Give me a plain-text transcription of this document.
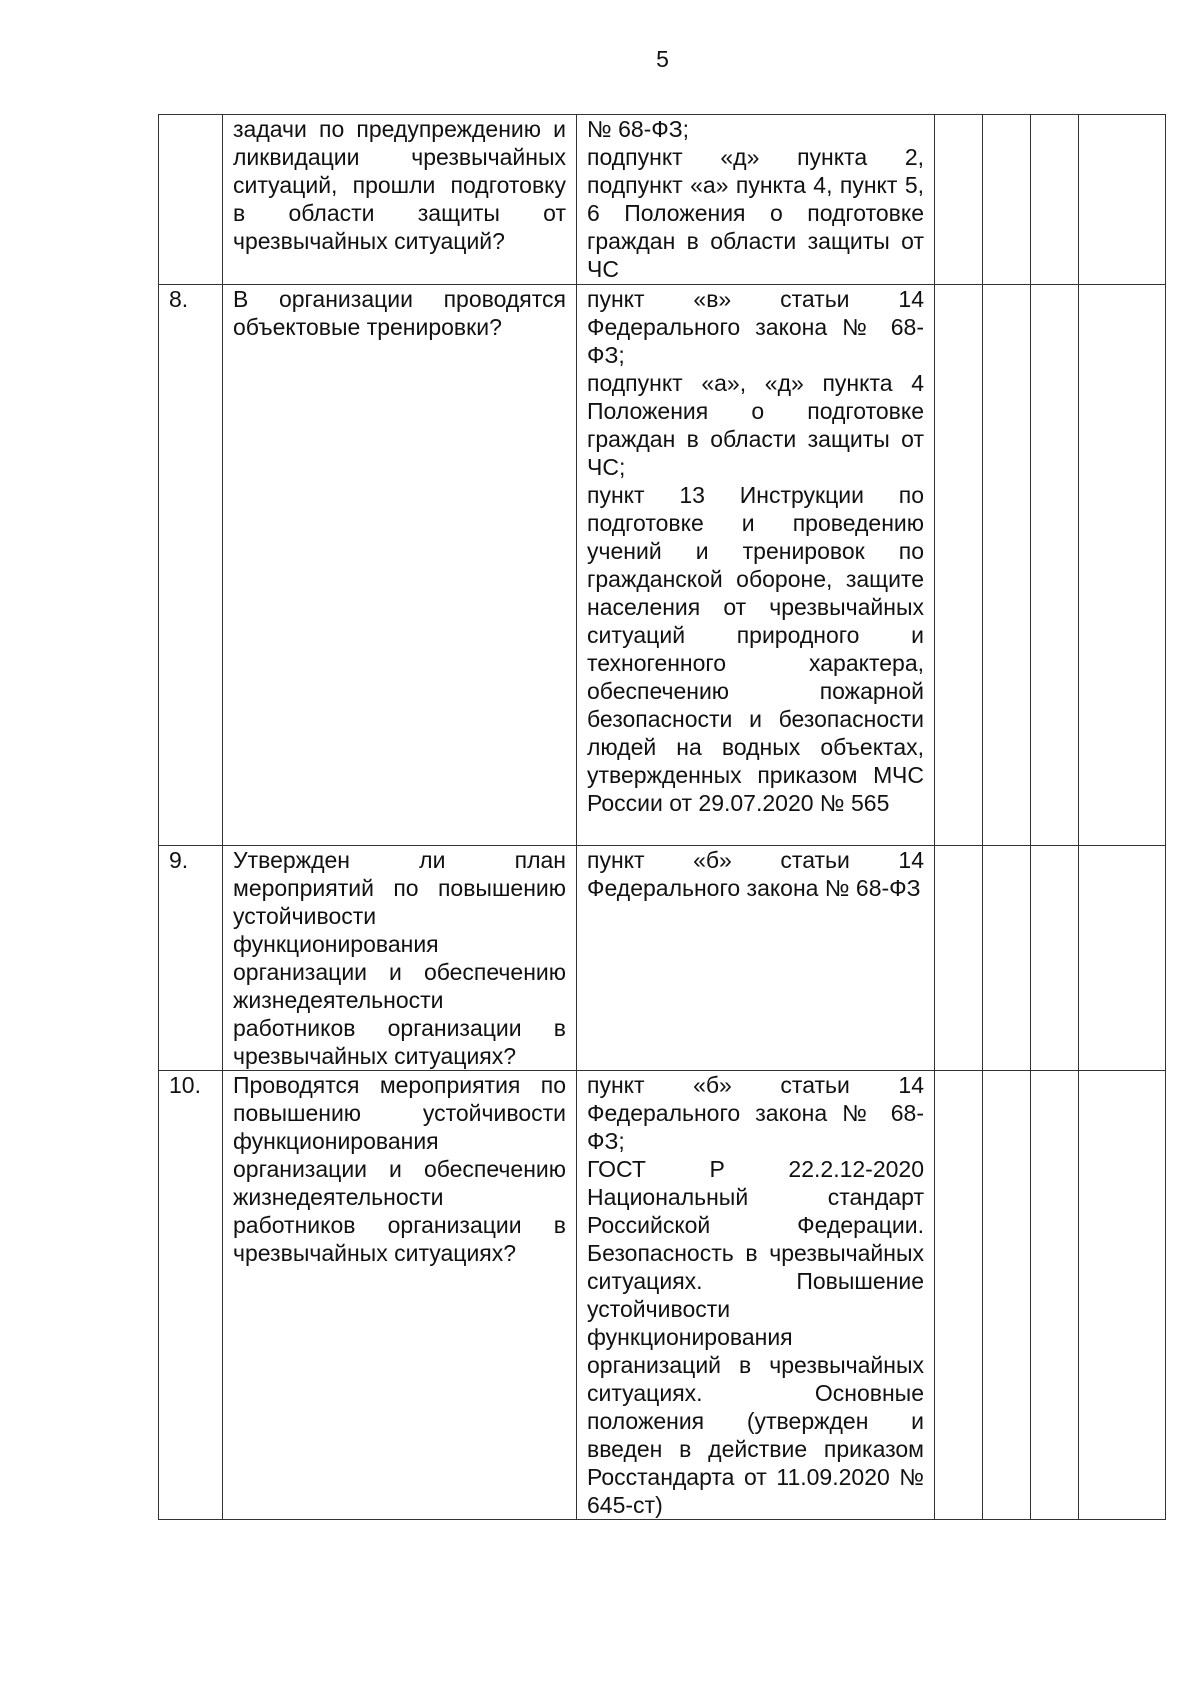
5
	задачи по предупреждению и ликвидации чрезвычайных ситуаций, прошли подготовку в области защиты от чрезвычайных ситуаций?	№ 68-ФЗ;
подпункт «д» пункта 2, подпункт «а» пункта 4, пункт 5, 6 Положения о подготовке граждан в области защиты от ЧС				

8.	В организации проводятся объектовые тренировки?	пункт «в» статьи 14 Федерального закона № 68-ФЗ;
подпункт «а», «д» пункта 4 Положения о подготовке граждан в области защиты от ЧС;
пункт 13 Инструкции по подготовке и проведению учений и тренировок по гражданской обороне, защите населения от чрезвычайных ситуаций природного и техногенного характера, обеспечению пожарной безопасности и безопасности людей на водных объектах, утвержденных приказом МЧС России от 29.07.2020 № 565				

9.	Утвержден ли план мероприятий по повышению устойчивости функционирования организации и обеспечению жизнедеятельности работников организации в чрезвычайных ситуациях?	пункт «б» статьи 14 Федерального закона № 68-ФЗ				

10.	Проводятся мероприятия по повышению устойчивости функционирования организации и обеспечению жизнедеятельности работников организации в чрезвычайных ситуациях?	пункт «б» статьи 14 Федерального закона № 68-ФЗ;
ГОСТ Р 22.2.12-2020 Национальный стандарт Российской Федерации. Безопасность в чрезвычайных ситуациях. Повышение устойчивости функционирования организаций в чрезвычайных ситуациях. Основные положения (утвержден и введен в действие приказом Росстандарта от 11.09.2020 № 645-ст)				
